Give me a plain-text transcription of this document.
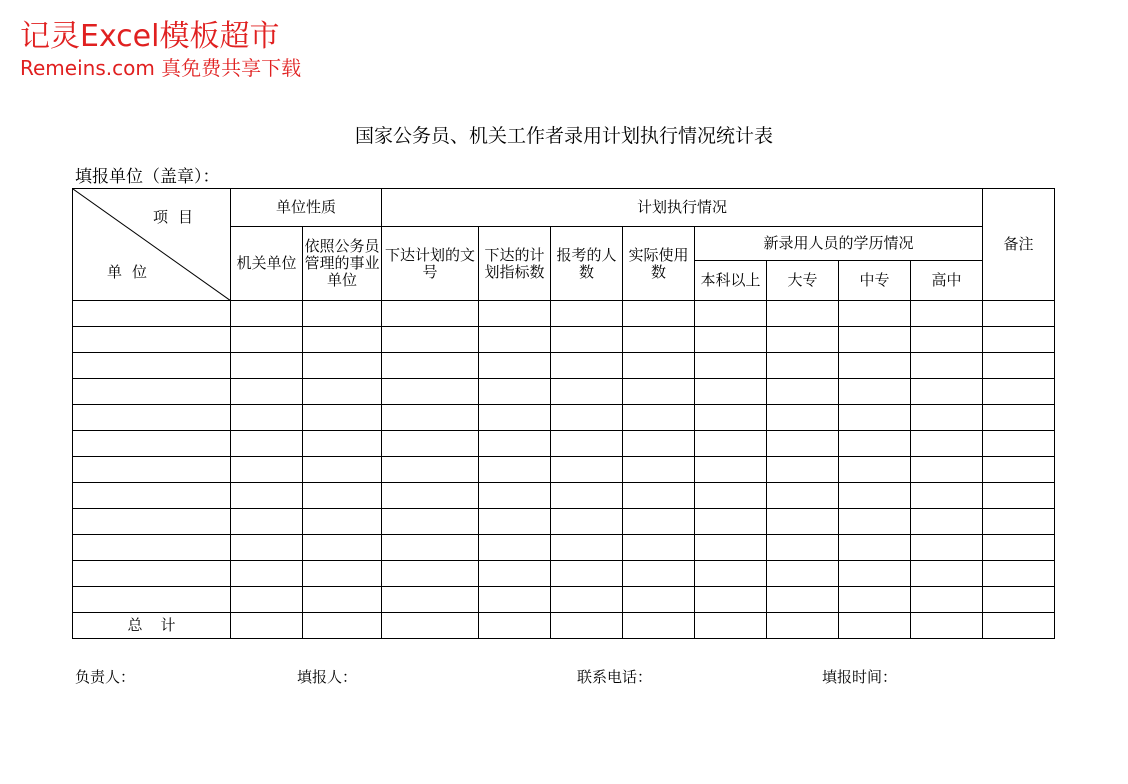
记灵Excel模板超市
Remeins.com 真免费共享下载
国家公务员、机关工作者录用计划执行情况统计表
填报单位（盖章）：
项目
单位	单位性质		计划执行情况								备注
	机关单位	依照公务员管理的事业单位	下达计划的文号	下达的计划指标数	报考的人数	实际使用数	新录用人员的学历情况				
							本科以上	大专	中专	高中	

总计											
负责人：	填报人：	联系电话：	填报时间：
